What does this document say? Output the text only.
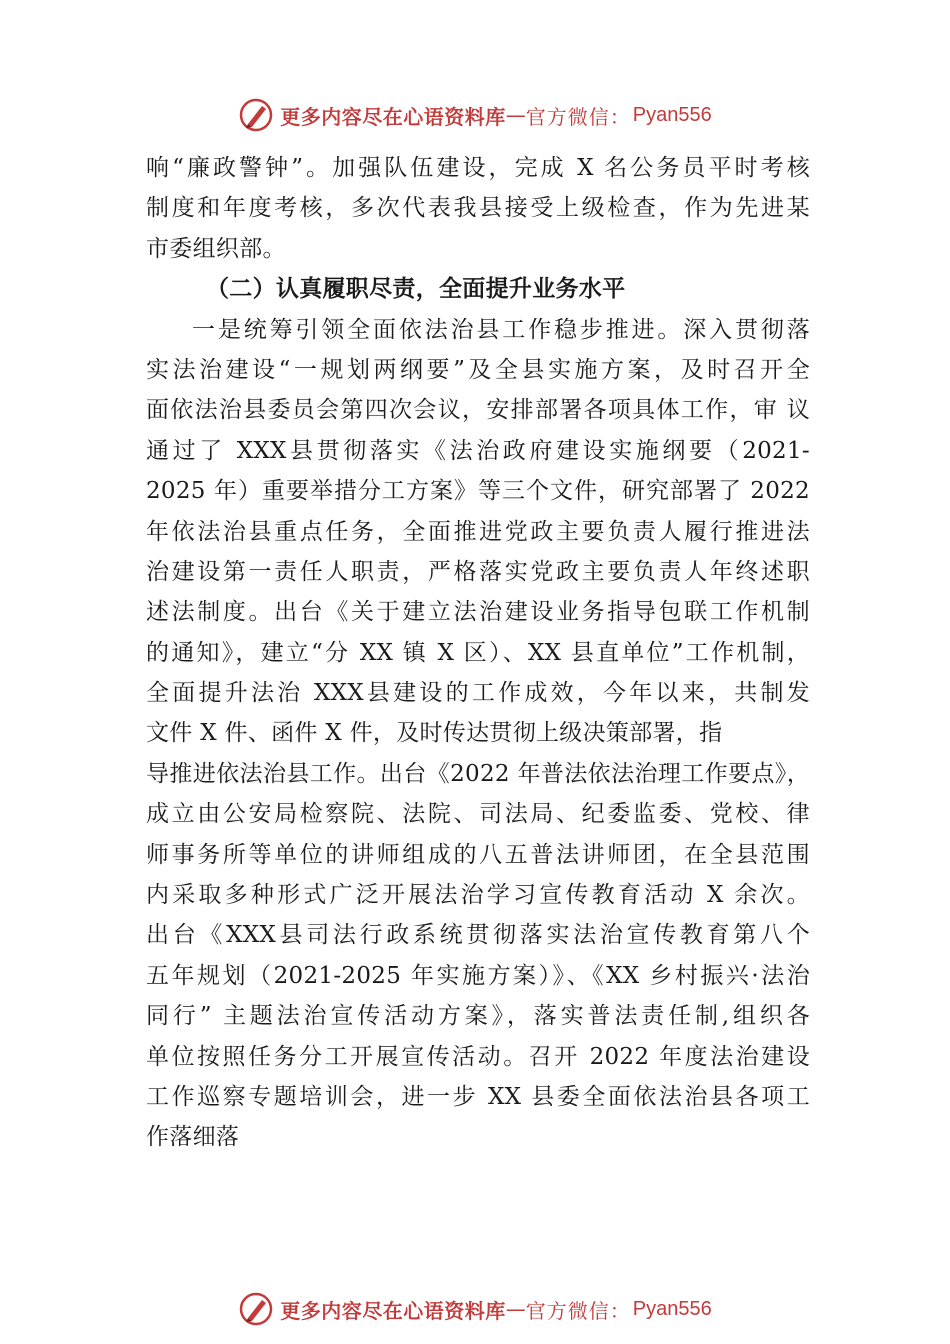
更多内容尽在心语资料库 — 官方微信： Pyan556
响“廉政警钟”。加强队伍建设，完成 X 名公务员平时考核
制度和年度考核，多次代表我县接受上级检查，作为先进某
市委组织部。
（二）认真履职尽责，全面提升业务水平
一是统筹引领全面依法治县工作稳步推进。深入贯彻落
实法治建设“一规划两纲要”及全县实施方案，及时召开全
面依法治县委员会第四次会议，安排部署各项具体工作，审 议
通过了 XXX县贯彻落实《法治政府建设实施纲要（2021-
2025 年）重要举措分工方案》等三个文件，研究部署了 2022
年依法治县重点任务，全面推进党政主要负责人履行推进法
治建设第一责任人职责，严格落实党政主要负责人年终述职
述法制度。出台《关于建立法治建设业务指导包联工作机制
的通知》，建立“分 XX 镇 X 区）、XX 县直单位”工作机制，
全面提升法治 XXX县建设的工作成效，今年以来，共制发
文件 X 件、函件 X 件，及时传达贯彻上级决策部署，指
导推进依法治县工作。出台《2022 年普法依法治理工作要点》，
成立由公安局检察院、法院、司法局、纪委监委、党校、律
师事务所等单位的讲师组成的八五普法讲师团，在全县范围
内采取多种形式广泛开展法治学习宣传教育活动 X 余次。
出台《XXX县司法行政系统贯彻落实法治宣传教育第八个
五年规划（2021-2025 年实施方案）》、《XX 乡村振兴·法治
同行” 主题法治宣传活动方案》，落实普法责任制,组织各
单位按照任务分工开展宣传活动。召开 2022 年度法治建设
工作巡察专题培训会，进一步 XX 县委全面依法治县各项工
作落细落
更多内容尽在心语资料库 — 官方微信： Pyan556
